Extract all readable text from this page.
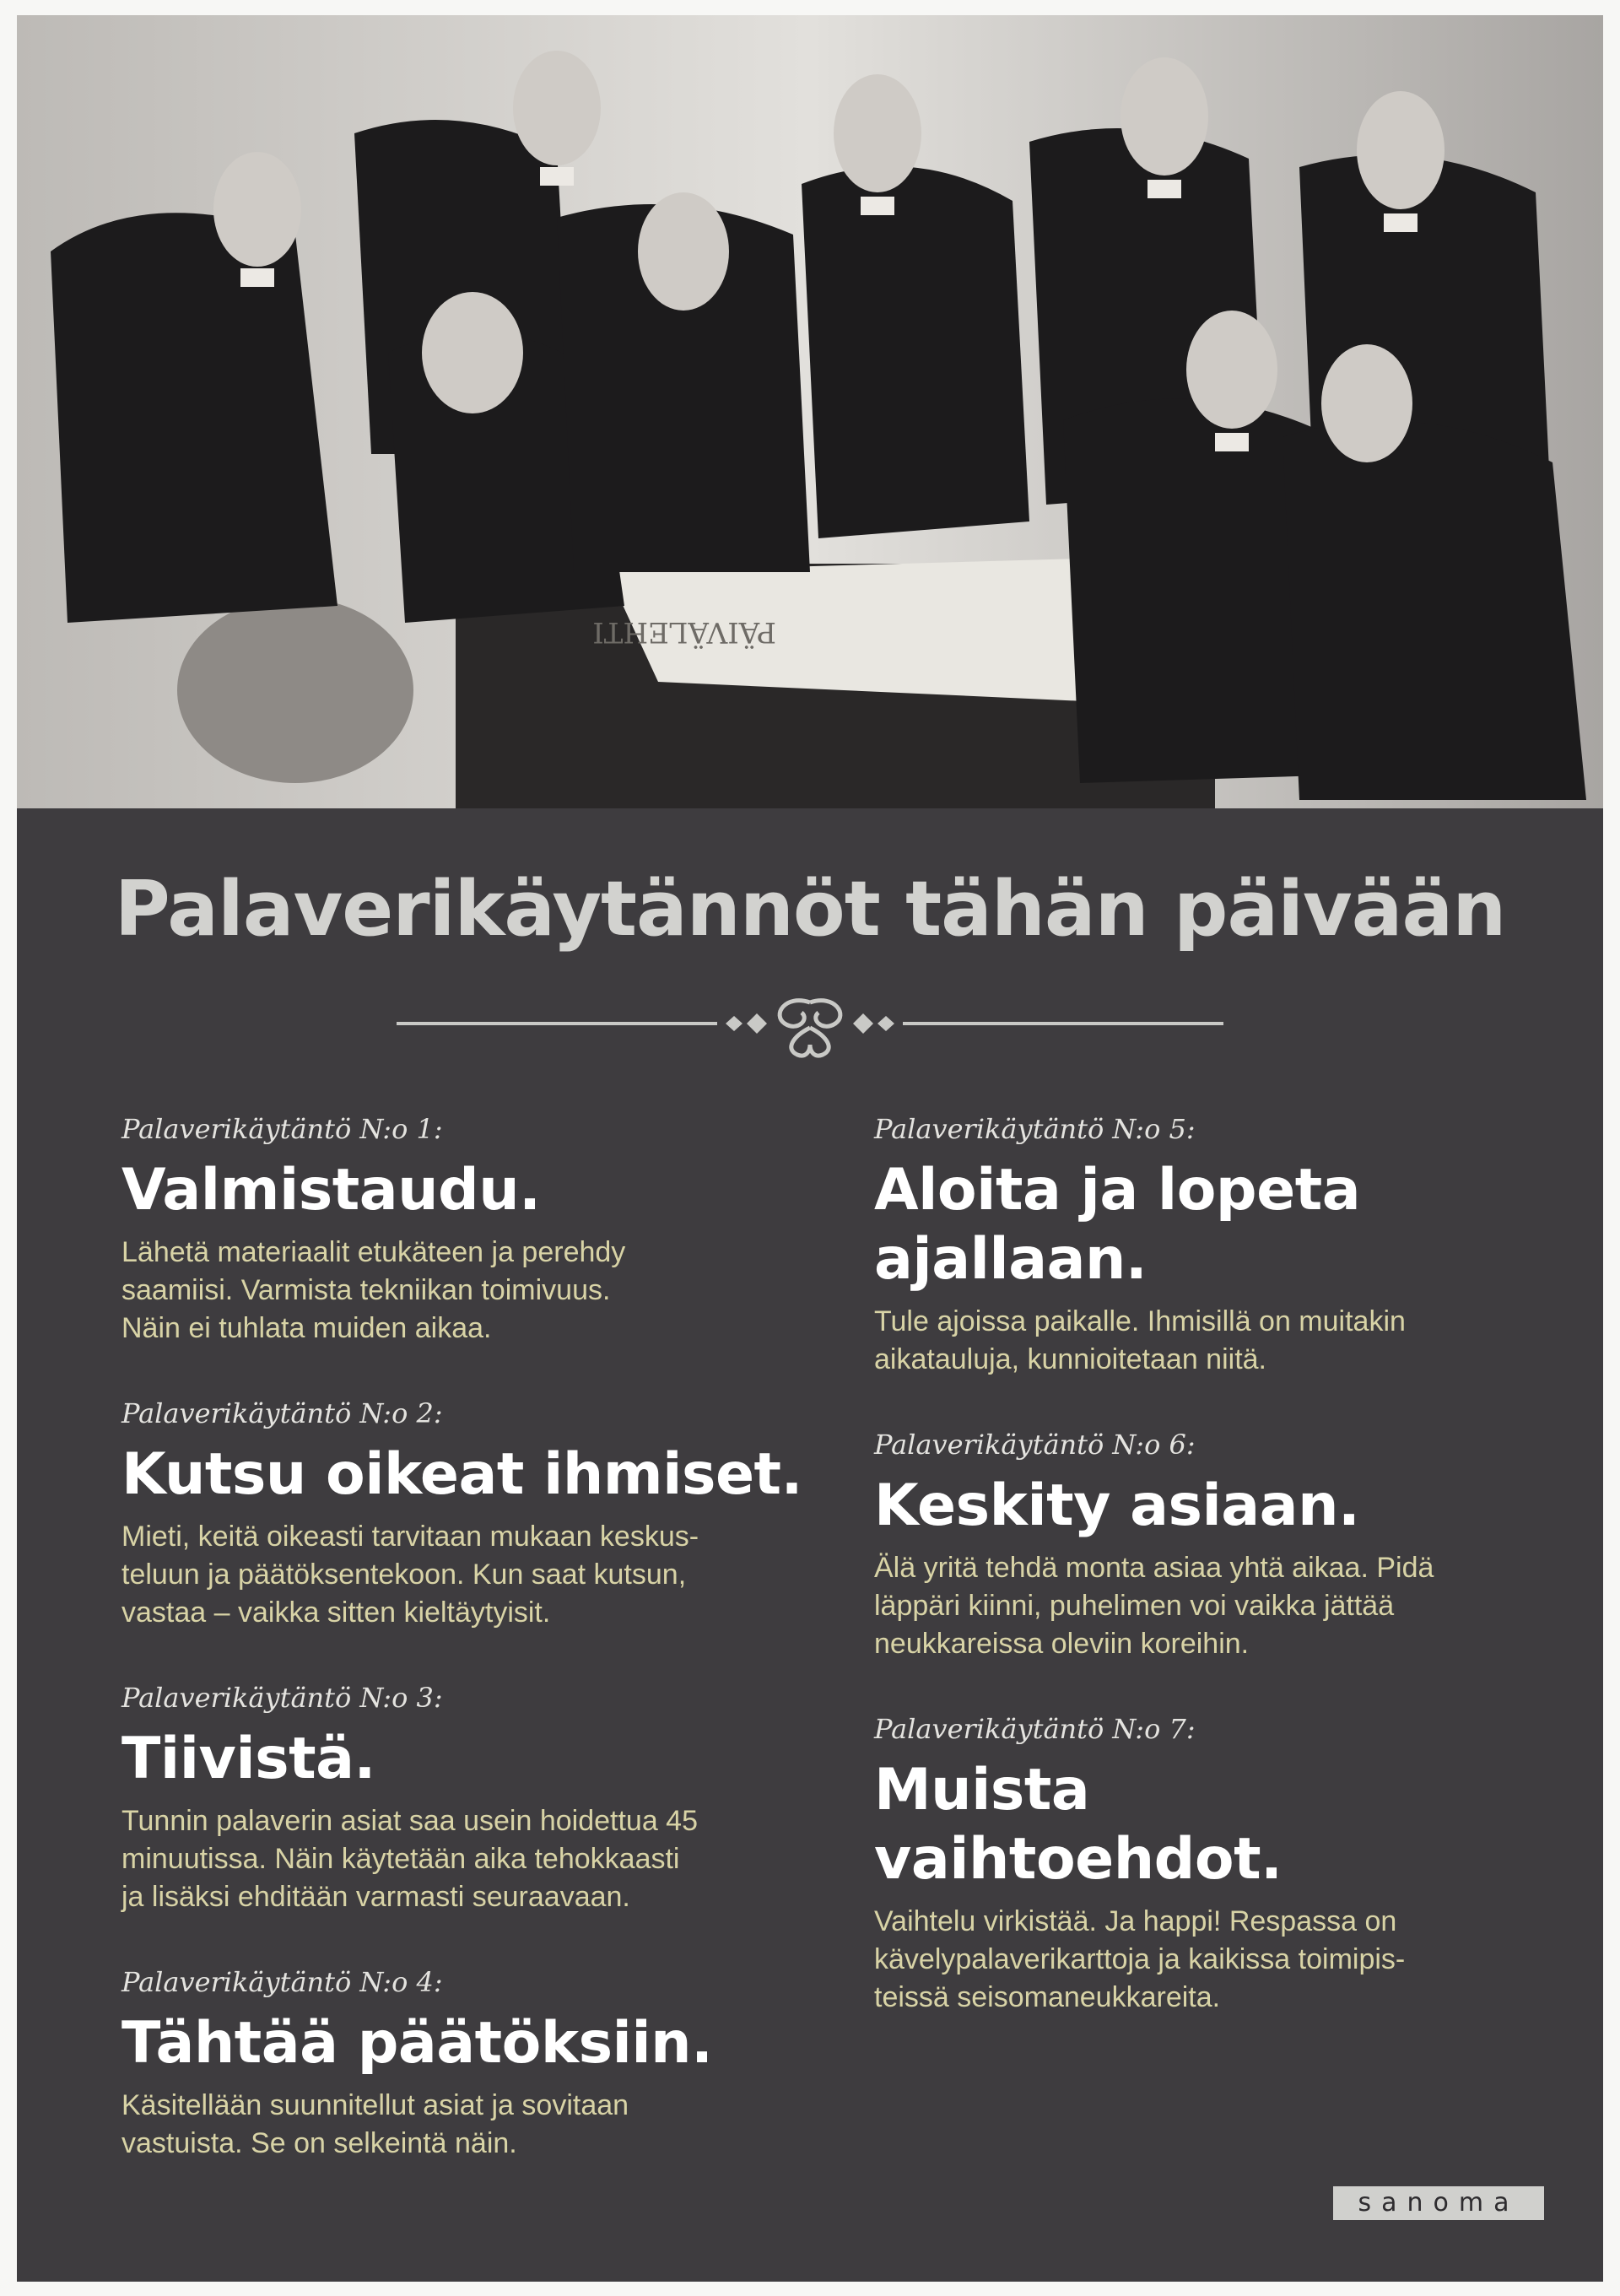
PÄIVÄLEHTI
Palaverikäytännöt tähän päivään
Palaverikäytäntö N:o 1:
Valmistaudu.
Lähetä materiaalit etukäteen ja perehdy
saamiisi. Varmista tekniikan toimivuus.
Näin ei tuhlata muiden aikaa.
Palaverikäytäntö N:o 2:
Kutsu oikeat ihmiset.
Mieti, keitä oikeasti tarvitaan mukaan keskus-
teluun ja päätöksentekoon. Kun saat kutsun,
vastaa – vaikka sitten kieltäytyisit.
Palaverikäytäntö N:o 3:
Tiivistä.
Tunnin palaverin asiat saa usein hoidettua 45
minuutissa. Näin käytetään aika tehokkaasti
ja lisäksi ehditään varmasti seuraavaan.
Palaverikäytäntö N:o 4:
Tähtää päätöksiin.
Käsitellään suunnitellut asiat ja sovitaan
vastuista. Se on selkeintä näin.
Palaverikäytäntö N:o 5:
Aloita ja lopeta
ajallaan.
Tule ajoissa paikalle. Ihmisillä on muitakin
aikatauluja, kunnioitetaan niitä.
Palaverikäytäntö N:o 6:
Keskity asiaan.
Älä yritä tehdä monta asiaa yhtä aikaa. Pidä
läppäri kiinni, puhelimen voi vaikka jättää
neukkareissa oleviin koreihin.
Palaverikäytäntö N:o 7:
Muista
vaihtoehdot.
Vaihtelu virkistää. Ja happi! Respassa on
kävelypalaverikarttoja ja kaikissa toimipis-
teissä seisomaneukkareita.
sanoma
